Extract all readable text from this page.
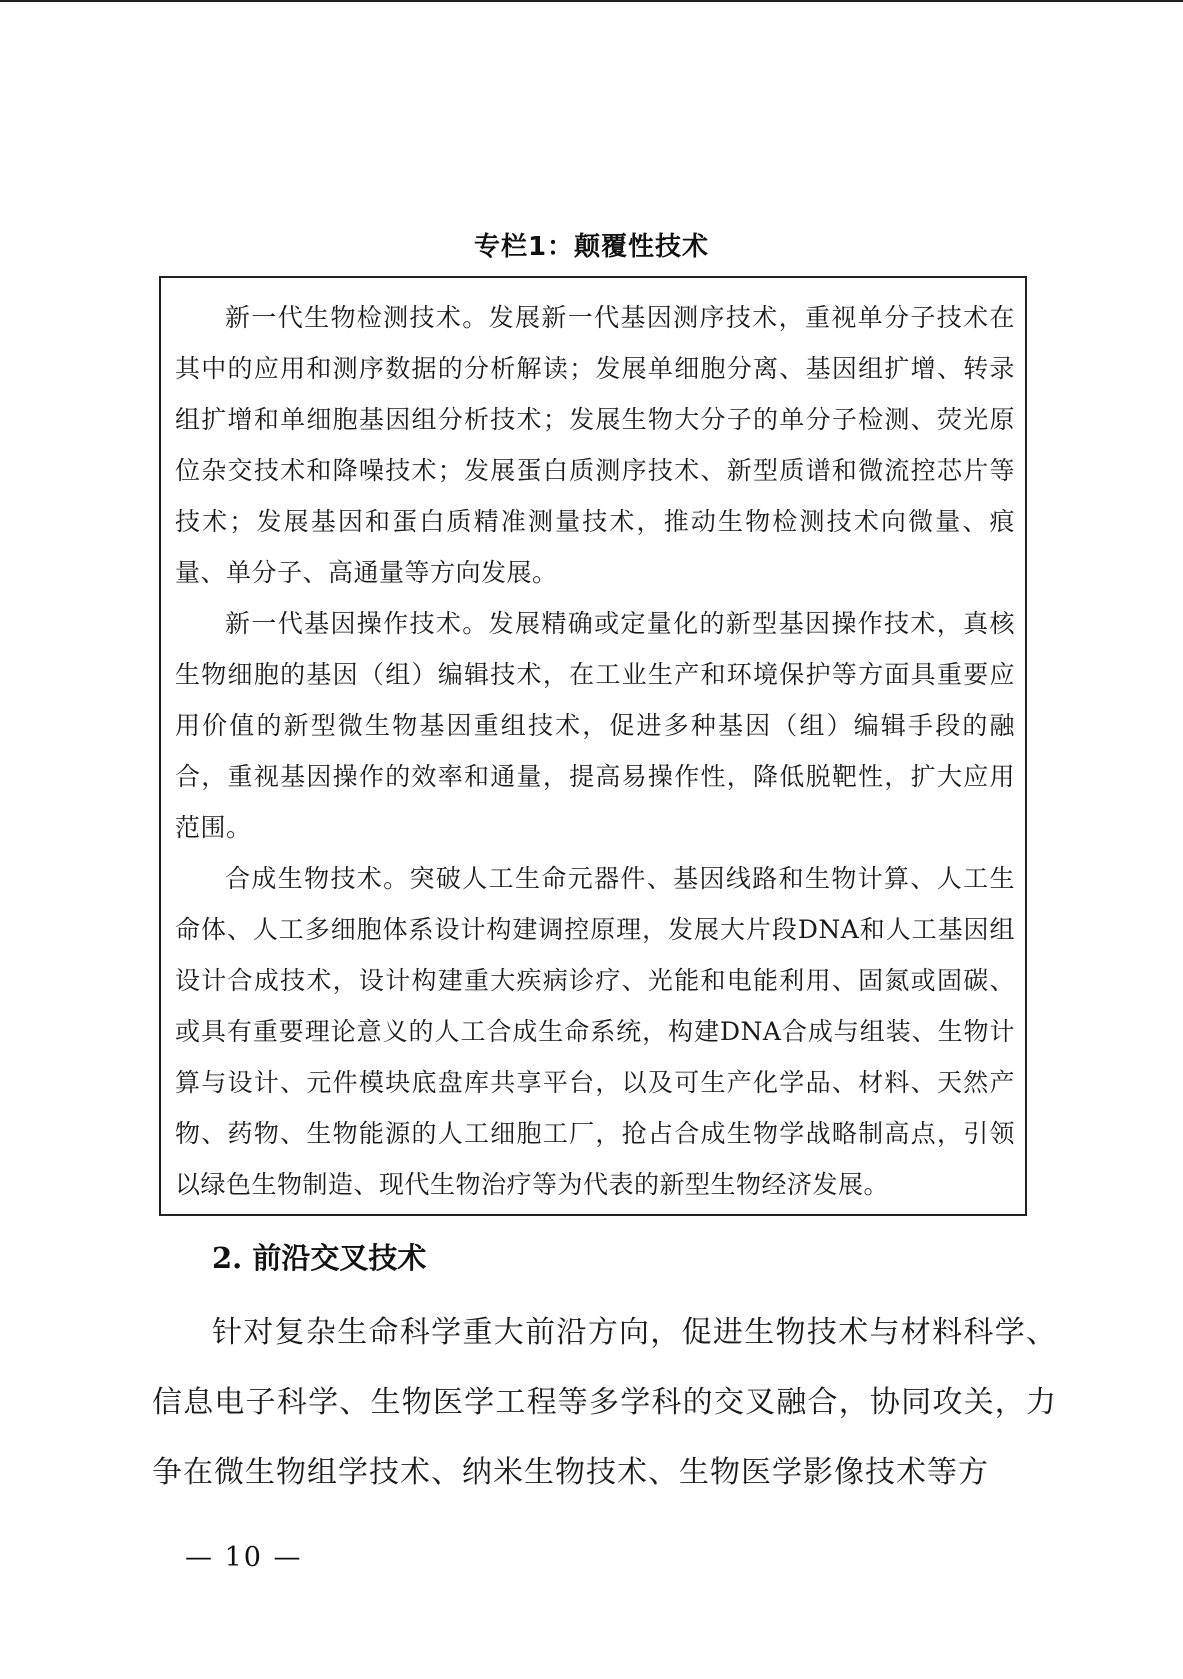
专栏1：颠覆性技术

新一代生物检测技术。发展新一代基因测序技术，重视单分子技术在其中的应用和测序数据的分析解读；发展单细胞分离、基因组扩增、转录组扩增和单细胞基因组分析技术；发展生物大分子的单分子检测、荧光原位杂交技术和降噪技术；发展蛋白质测序技术、新型质谱和微流控芯片等技术；发展基因和蛋白质精准测量技术，推动生物检测技术向微量、痕量、单分子、高通量等方向发展。

新一代基因操作技术。发展精确或定量化的新型基因操作技术，真核生物细胞的基因（组）编辑技术，在工业生产和环境保护等方面具重要应用价值的新型微生物基因重组技术，促进多种基因（组）编辑手段的融合，重视基因操作的效率和通量，提高易操作性，降低脱靶性，扩大应用范围。

合成生物技术。突破人工生命元器件、基因线路和生物计算、人工生命体、人工多细胞体系设计构建调控原理，发展大片段DNA和人工基因组设计合成技术，设计构建重大疾病诊疗、光能和电能利用、固氮或固碳、或具有重要理论意义的人工合成生命系统，构建DNA合成与组装、生物计算与设计、元件模块底盘库共享平台，以及可生产化学品、材料、天然产物、药物、生物能源的人工细胞工厂，抢占合成生物学战略制高点，引领以绿色生物制造、现代生物治疗等为代表的新型生物经济发展。

2. 前沿交叉技术

针对复杂生命科学重大前沿方向，促进生物技术与材料科学、信息电子科学、生物医学工程等多学科的交叉融合，协同攻关，力争在微生物组学技术、纳米生物技术、生物医学影像技术等方

— 10 —
